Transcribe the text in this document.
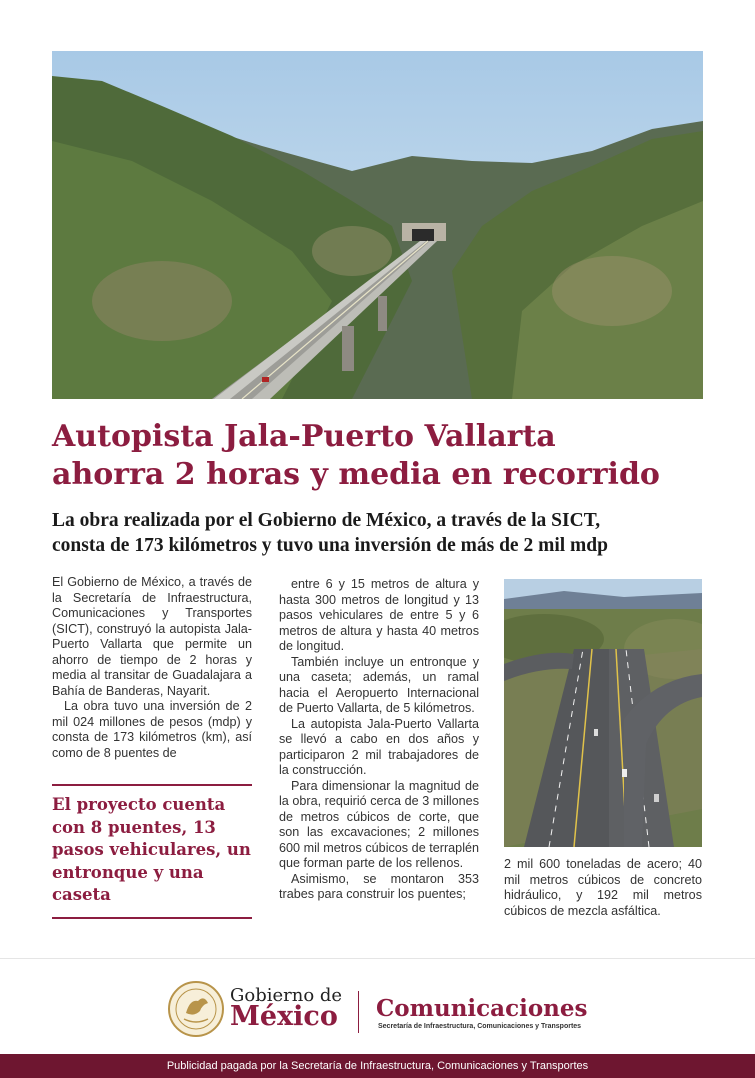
Autopista Jala-Puerto Vallarta
ahorra 2 horas y media en recorrido
La obra realizada por el Gobierno de México, a través de la SICT,
consta de 173 kilómetros y tuvo una inversión de más de 2 mil mdp

El Gobierno de México, a través de la Secretaría de Infraestructura, Comunicaciones y Transportes (SICT), construyó la autopista Jala-Puerto Vallarta que permite un ahorro de tiempo de 2 horas y media al transitar de Guadalajara a Bahía de Banderas, Nayarit.

La obra tuvo una inversión de 2 mil 024 millones de pesos (mdp) y consta de 173 kilómetros (km), así como de 8 puentes de

El proyecto cuenta con 8 puentes, 13 pasos vehiculares, un entronque y una caseta

entre 6 y 15 metros de altura y hasta 300 metros de longitud y 13 pasos vehiculares de entre 5 y 6 metros de altura y hasta 40 metros de longitud.

También incluye un entronque y una caseta; además, un ramal hacia el Aeropuerto Internacional de Puerto Vallarta, de 5 kilómetros.

La autopista Jala-Puerto Vallarta se llevó a cabo en dos años y participaron 2 mil trabajadores de la construcción.

Para dimensionar la magnitud de la obra, requirió cerca de 3 millones de metros cúbicos de corte, que son las excavaciones; 2 millones 600 mil metros cúbicos de terraplén que forman parte de los rellenos.

Asimismo, se montaron 353 trabes para construir los puentes;

2 mil 600 toneladas de acero; 40 mil metros cúbicos de concreto hidráulico, y 192 mil metros cúbicos de mezcla asfáltica.

Gobierno de
México Comunicaciones
Secretaría de Infraestructura, Comunicaciones y Transportes
Publicidad pagada por la Secretaría de Infraestructura, Comunicaciones y Transportes
